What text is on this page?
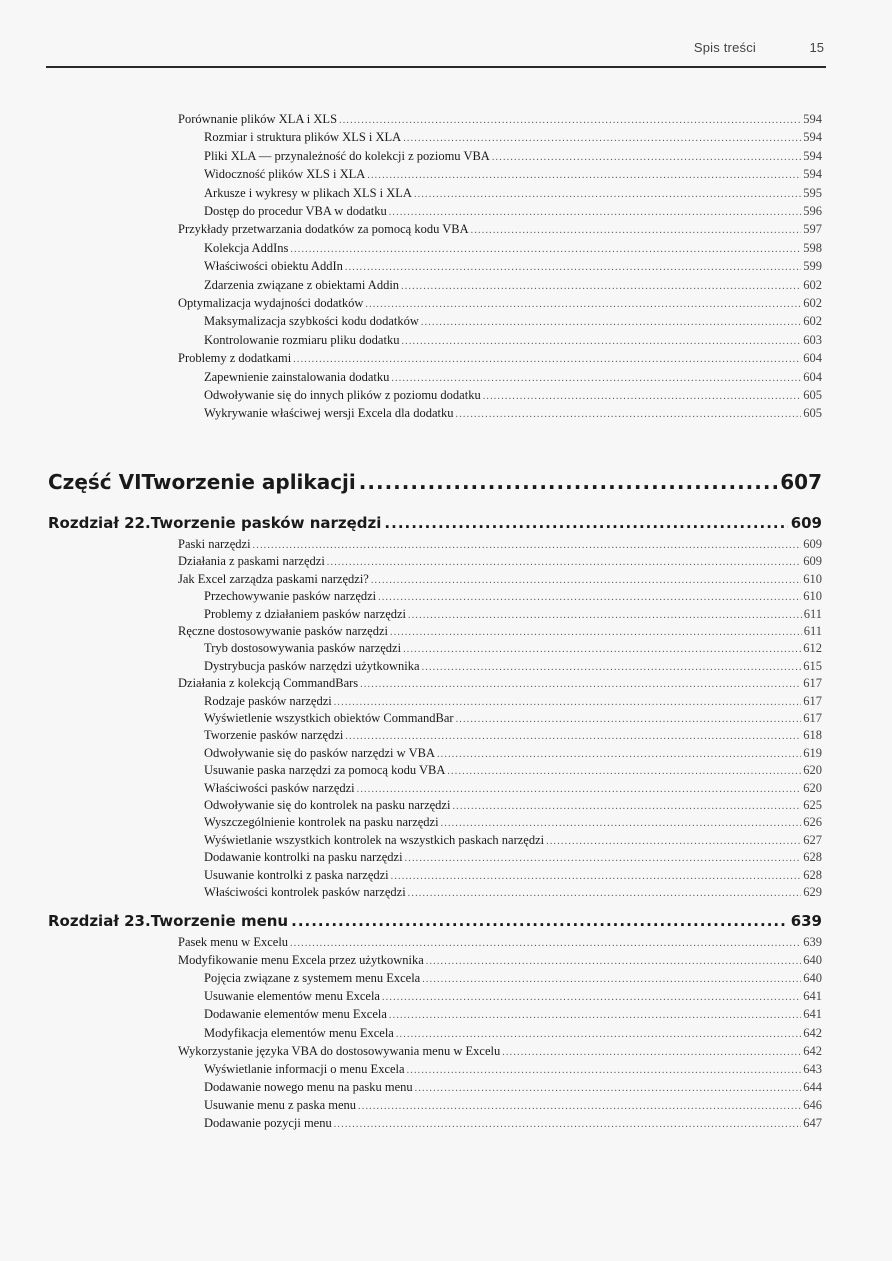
Spis treści	15
Porównanie plików XLA i XLS .....	594
Rozmiar i struktura plików XLS i XLA .....	594
Pliki XLA — przynależność do kolekcji z poziomu VBA .....	594
Widoczność plików XLS i XLA .....	594
Arkusze i wykresy w plikach XLS i XLA .....	595
Dostęp do procedur VBA w dodatku .....	596
Przykłady przetwarzania dodatków za pomocą kodu VBA .....	597
Kolekcja AddIns .....	598
Właściwości obiektu AddIn .....	599
Zdarzenia związane z obiektami Addin .....	602
Optymalizacja wydajności dodatków .....	602
Maksymalizacja szybkości kodu dodatków .....	602
Kontrolowanie rozmiaru pliku dodatku .....	603
Problemy z dodatkami .....	604
Zapewnienie zainstalowania dodatku .....	604
Odwoływanie się do innych plików z poziomu dodatku .....	605
Wykrywanie właściwej wersji Excela dla dodatku .....	605
Część VI Tworzenie aplikacji .....	607
Rozdział 22. Tworzenie pasków narzędzi .....	609
Paski narzędzi .....	609
Działania z paskami narzędzi .....	609
Jak Excel zarządza paskami narzędzi? .....	610
Przechowywanie pasków narzędzi .....	610
Problemy z działaniem pasków narzędzi .....	611
Ręczne dostosowywanie pasków narzędzi .....	611
Tryb dostosowywania pasków narzędzi .....	612
Dystrybucja pasków narzędzi użytkownika .....	615
Działania z kolekcją CommandBars .....	617
Rodzaje pasków narzędzi .....	617
Wyświetlenie wszystkich obiektów CommandBar .....	617
Tworzenie pasków narzędzi .....	618
Odwoływanie się do pasków narzędzi w VBA .....	619
Usuwanie paska narzędzi za pomocą kodu VBA .....	620
Właściwości pasków narzędzi .....	620
Odwoływanie się do kontrolek na pasku narzędzi .....	625
Wyszczególnienie kontrolek na pasku narzędzi .....	626
Wyświetlanie wszystkich kontrolek na wszystkich paskach narzędzi .....	627
Dodawanie kontrolki na pasku narzędzi .....	628
Usuwanie kontrolki z paska narzędzi .....	628
Właściwości kontrolek pasków narzędzi .....	629
Rozdział 23. Tworzenie menu .....	639
Pasek menu w Excelu .....	639
Modyfikowanie menu Excela przez użytkownika .....	640
Pojęcia związane z systemem menu Excela .....	640
Usuwanie elementów menu Excela .....	641
Dodawanie elementów menu Excela .....	641
Modyfikacja elementów menu Excela .....	642
Wykorzystanie języka VBA do dostosowywania menu w Excelu .....	642
Wyświetlanie informacji o menu Excela .....	643
Dodawanie nowego menu na pasku menu .....	644
Usuwanie menu z paska menu .....	646
Dodawanie pozycji menu .....	647
